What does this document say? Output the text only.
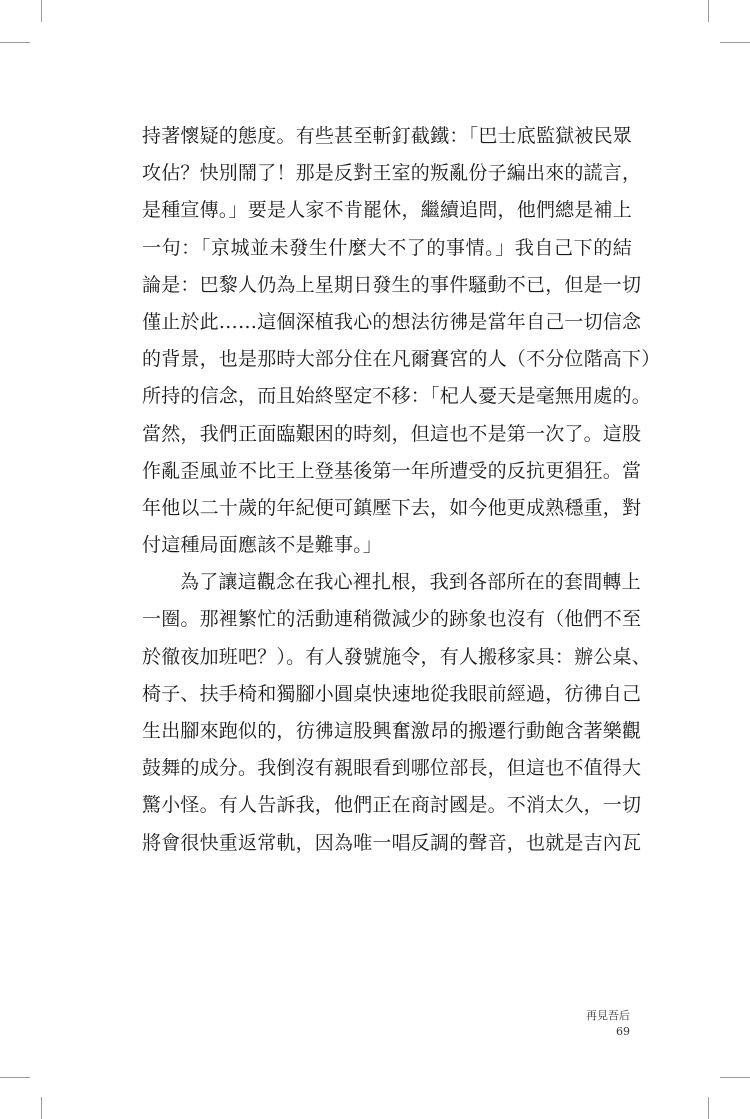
持著懷疑的態度。有些甚至斬釘截鐵：「巴士底監獄被民眾
攻佔？快別鬧了！那是反對王室的叛亂份子編出來的謊言，
是種宣傳。」要是人家不肯罷休，繼續追問，他們總是補上
一句：「京城並未發生什麼大不了的事情。」我自己下的結
論是：巴黎人仍為上星期日發生的事件騷動不已，但是一切
僅止於此……這個深植我心的想法彷彿是當年自己一切信念
的背景，也是那時大部分住在凡爾賽宮的人（不分位階高下）
所持的信念，而且始終堅定不移：「杞人憂天是毫無用處的。
當然，我們正面臨艱困的時刻，但這也不是第一次了。這股
作亂歪風並不比王上登基後第一年所遭受的反抗更猖狂。當
年他以二十歲的年紀便可鎮壓下去，如今他更成熟穩重，對
付這種局面應該不是難事。」
為了讓這觀念在我心裡扎根，我到各部所在的套間轉上
一圈。那裡繁忙的活動連稍微減少的跡象也沒有（他們不至
於徹夜加班吧？）。有人發號施令，有人搬移家具：辦公桌、
椅子、扶手椅和獨腳小圓桌快速地從我眼前經過，彷彿自己
生出腳來跑似的，彷彿這股興奮激昂的搬遷行動飽含著樂觀
鼓舞的成分。我倒沒有親眼看到哪位部長，但這也不值得大
驚小怪。有人告訴我，他們正在商討國是。不消太久，一切
將會很快重返常軌，因為唯一唱反調的聲音，也就是吉內瓦
再見吾后
69
